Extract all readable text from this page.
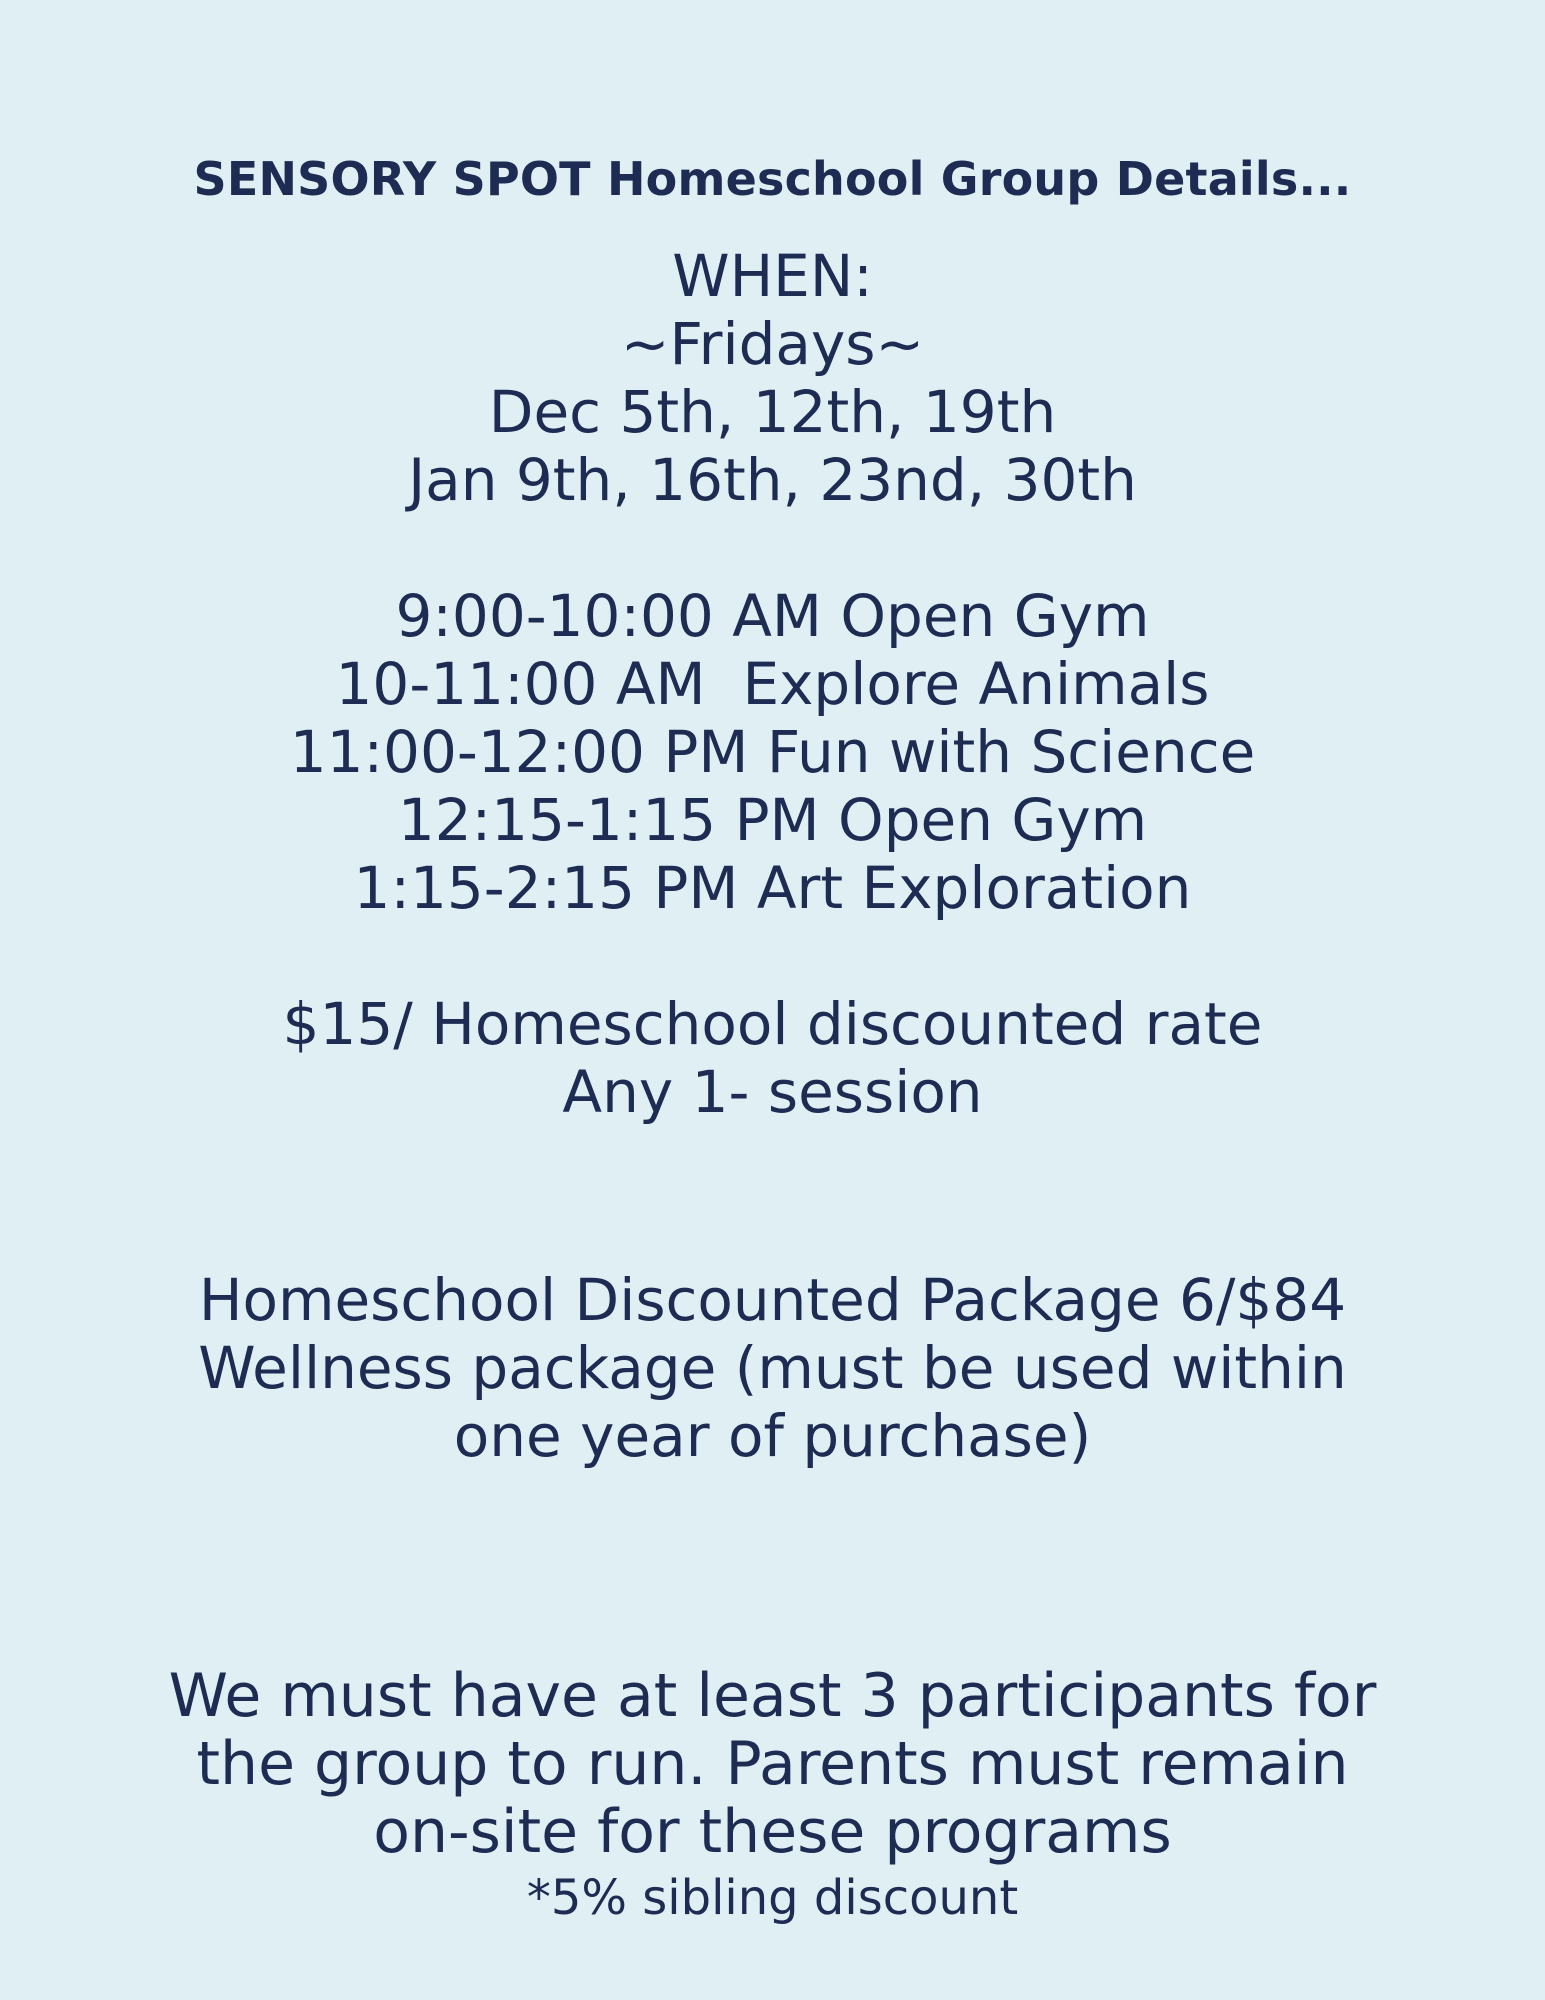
SENSORY SPOT Homeschool Group Details...
WHEN:
~Fridays~
Dec 5th, 12th, 19th
Jan 9th, 16th, 23nd, 30th
9:00-10:00 AM Open Gym
10-11:00 AM  Explore Animals
11:00-12:00 PM Fun with Science
12:15-1:15 PM Open Gym
1:15-2:15 PM Art Exploration
$15/ Homeschool discounted rate
Any 1- session
Homeschool Discounted Package 6/$84
Wellness package (must be used within
one year of purchase)
We must have at least 3 participants for
the group to run. Parents must remain
on-site for these programs

*5% sibling discount
